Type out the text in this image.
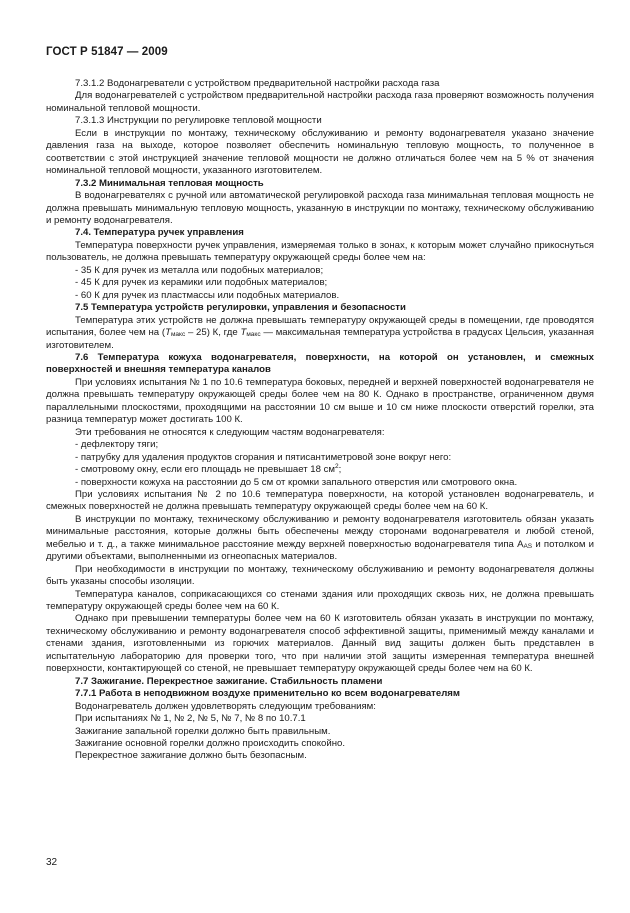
ГОСТ Р 51847 — 2009

7.3.1.2 Водонагреватели с устройством предварительной настройки расхода газа

Для водонагревателей с устройством предварительной настройки расхода газа проверяют возможность получения номинальной тепловой мощности.

7.3.1.3 Инструкции по регулировке тепловой мощности

Если в инструкции по монтажу, техническому обслуживанию и ремонту водонагревателя указано значение давления газа на выходе, которое позволяет обеспечить номинальную тепловую мощность, то полученное в соответствии с этой инструкцией значение тепловой мощности не должно отличаться более чем на 5 % от значения номинальной тепловой мощности, указанного изготовителем.

7.3.2 Минимальная тепловая мощность

В водонагревателях с ручной или автоматической регулировкой расхода газа минимальная тепловая мощность не должна превышать минимальную тепловую мощность, указанную в инструкции по монтажу, техническому обслуживанию и ремонту водонагревателя.

7.4. Температура ручек управления

Температура поверхности ручек управления, измеряемая только в зонах, к которым может случайно прикоснуться пользователь, не должна превышать температуру окружающей среды более чем на:

- 35 К для ручек из металла или подобных материалов;

- 45 К для ручек из керамики или подобных материалов;

- 60 К для ручек из пластмассы или подобных материалов.

7.5 Температура устройств регулировки, управления и безопасности

Температура этих устройств не должна превышать температуру окружающей среды в помещении, где проводятся испытания, более чем на $(T_{макс} - 25)$ К, где $T_{макс}$ — максимальная температура устройства в градусах Цельсия, указанная изготовителем.

7.6 Температура кожуха водонагревателя, поверхности, на которой он установлен, и смежных поверхностей и внешняя температура каналов

При условиях испытания № 1 по 10.6 температура боковых, передней и верхней поверхностей водонагревателя не должна превышать температуру окружающей среды более чем на 80 К. Однако в пространстве, ограниченном двумя параллельными плоскостями, проходящими на расстоянии 10 см выше и 10 см ниже плоскости отверстий горелки, эта разница температур может достигать 100 К.

Эти требования не относятся к следующим частям водонагревателя:

- дефлектору тяги;

- патрубку для удаления продуктов сгорания и пятисантиметровой зоне вокруг него:

- смотровому окну, если его площадь не превышает 18 $см^2$;

- поверхности кожуха на расстоянии до 5 см от кромки запального отверстия или смотрового окна.

При условиях испытания № 2 по 10.6 температура поверхности, на которой установлен водонагреватель, и смежных поверхностей не должна превышать температуру окружающей среды более чем на 60 К.

В инструкции по монтажу, техническому обслуживанию и ремонту водонагревателя изготовитель обязан указать минимальные расстояния, которые должны быть обеспечены между сторонами водонагревателя и любой стеной, мебелью и т. д., а также минимальное расстояние между верхней поверхностью водонагревателя типа $А_{AS}$ и потолком и другими объектами, выполненными из огнеопасных материалов.

При необходимости в инструкции по монтажу, техническому обслуживанию и ремонту водонагревателя должны быть указаны способы изоляции.

Температура каналов, соприкасающихся со стенами здания или проходящих сквозь них, не должна превышать температуру окружающей среды более чем на 60 К.

Однако при превышении температуры более чем на 60 К изготовитель обязан указать в инструкции по монтажу, техническому обслуживанию и ремонту водонагревателя способ эффективной защиты, применимый между каналами и стенами здания, изготовленными из горючих материалов. Данный вид защиты должен быть представлен в испытательную лабораторию для проверки того, что при наличии этой защиты измеренная температура внешней поверхности, контактирующей со стеной, не превышает температуру окружающей среды более чем на 60 К.

7.7 Зажигание. Перекрестное зажигание. Стабильность пламени

7.7.1 Работа в неподвижном воздухе применительно ко всем водонагревателям

Водонагреватель должен удовлетворять следующим требованиям:

При испытаниях № 1, № 2, № 5, № 7, № 8 по 10.7.1

Зажигание запальной горелки должно быть правильным.

Зажигание основной горелки должно происходить спокойно.

Перекрестное зажигание должно быть безопасным.

32
